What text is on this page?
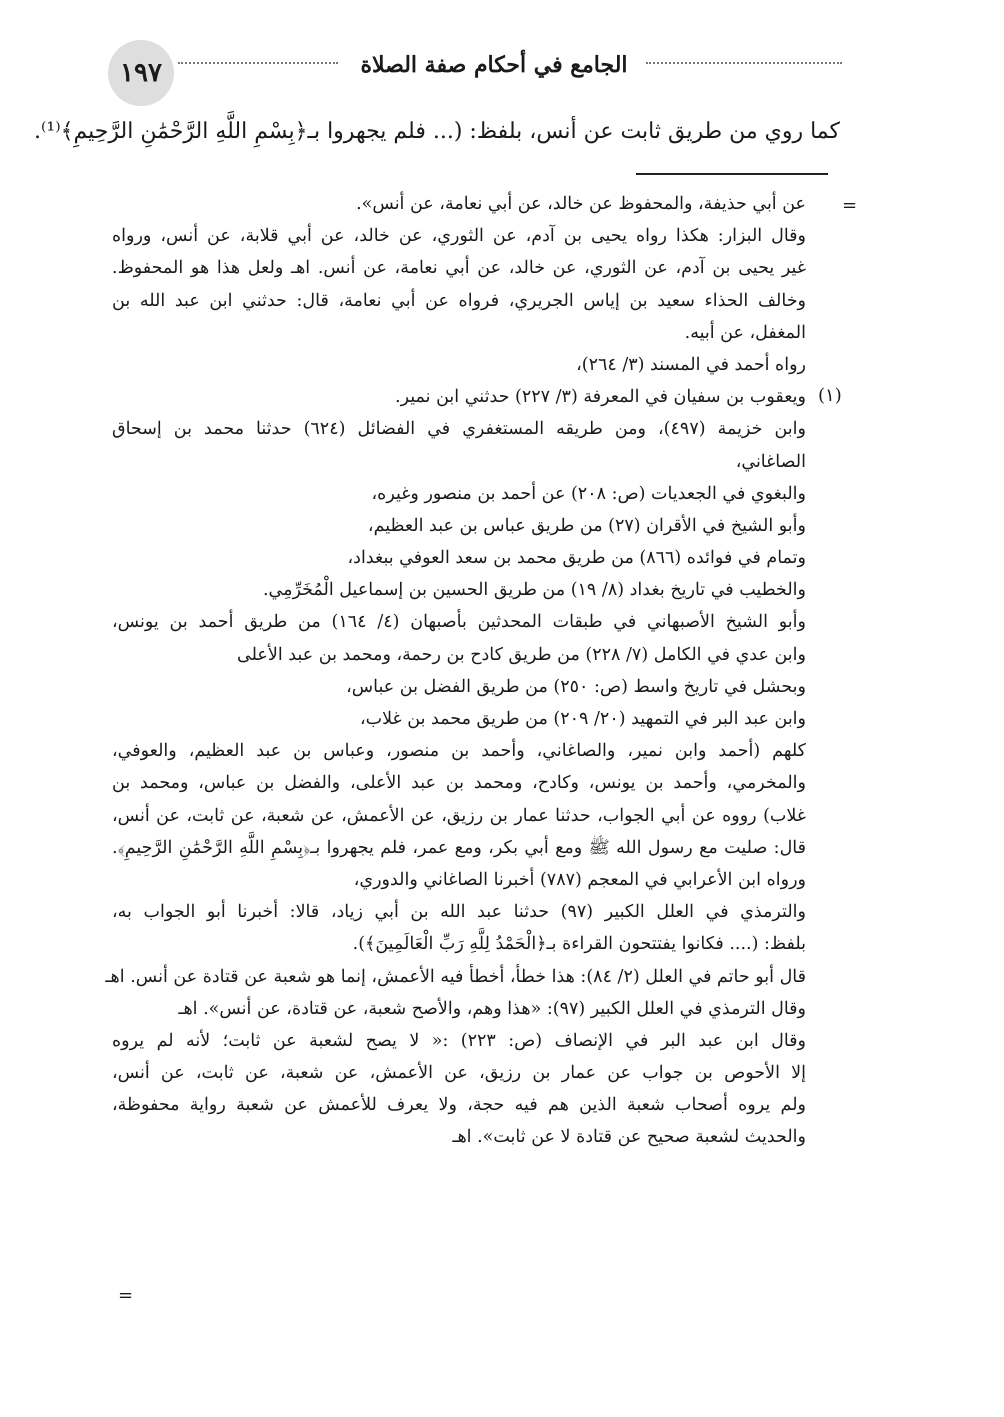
١٩٧	الجامع في أحكام صفة الصلاة
كما روي من طريق ثابت عن أنس، بلفظ: (... فلم يجهروا بـ﴿بِسْمِ اللَّهِ الرَّحْمَٰنِ الرَّحِيمِ﴾⁽¹⁾.
=
(١)
=
عن أبي حذيفة، والمحفوظ عن خالد، عن أبي نعامة، عن أنس».
وقال البزار: هكذا رواه يحيى بن آدم، عن الثوري، عن خالد، عن أبي قلابة، عن أنس، ورواه
غير يحيى بن آدم، عن الثوري، عن خالد، عن أبي نعامة، عن أنس. اهـ ولعل هذا هو المحفوظ.
وخالف الحذاء سعيد بن إياس الجريري، فرواه عن أبي نعامة، قال: حدثني ابن عبد الله بن
المغفل، عن أبيه.
رواه أحمد في المسند (٣/ ٢٦٤)،
ويعقوب بن سفيان في المعرفة (٣/ ٢٢٧) حدثني ابن نمير.
وابن خزيمة (٤٩٧)، ومن طريقه المستغفري في الفضائل (٦٢٤) حدثنا محمد بن إسحاق
الصاغاني،
والبغوي في الجعديات (ص: ٢٠٨) عن أحمد بن منصور وغيره،
وأبو الشيخ في الأقران (٢٧) من طريق عباس بن عبد العظيم،
وتمام في فوائده (٨٦٦) من طريق محمد بن سعد العوفي ببغداد،
والخطيب في تاريخ بغداد (٨/ ١٩) من طريق الحسين بن إسماعيل الْمُخَرِّمِي.
وأبو الشيخ الأصبهاني في طبقات المحدثين بأصبهان (٤/ ١٦٤) من طريق أحمد بن يونس،
وابن عدي في الكامل (٧/ ٢٢٨) من طريق كادح بن رحمة، ومحمد بن عبد الأعلى
وبحشل في تاريخ واسط (ص: ٢٥٠) من طريق الفضل بن عباس،
وابن عبد البر في التمهيد (٢٠/ ٢٠٩) من طريق محمد بن غلاب،
كلهم (أحمد وابن نمير، والصاغاني، وأحمد بن منصور، وعباس بن عبد العظيم، والعوفي،
والمخرمي، وأحمد بن يونس، وكادح، ومحمد بن عبد الأعلى، والفضل بن عباس، ومحمد بن
غلاب) رووه عن أبي الجواب، حدثنا عمار بن رزيق، عن الأعمش، عن شعبة، عن ثابت، عن أنس،
قال: صليت مع رسول الله ﷺ ومع أبي بكر، ومع عمر، فلم يجهروا بـ﴿بِسْمِ اللَّهِ الرَّحْمَٰنِ الرَّحِيمِ﴾.
ورواه ابن الأعرابي في المعجم (٧٨٧) أخبرنا الصاغاني والدوري،
والترمذي في العلل الكبير (٩٧) حدثنا عبد الله بن أبي زياد، قالا: أخبرنا أبو الجواب به،
بلفظ: (.... فكانوا يفتتحون القراءة بـ﴿الْحَمْدُ لِلَّهِ رَبِّ الْعَالَمِينَ﴾).
قال أبو حاتم في العلل (٢/ ٨٤): هذا خطأ، أخطأ فيه الأعمش، إنما هو شعبة عن قتادة عن أنس. اهـ
وقال الترمذي في العلل الكبير (٩٧): «هذا وهم، والأصح شعبة، عن قتادة، عن أنس». اهـ
وقال ابن عبد البر في الإنصاف (ص: ٢٢٣) :« لا يصح لشعبة عن ثابت؛ لأنه لم يروه
إلا الأحوص بن جواب عن عمار بن رزيق، عن الأعمش، عن شعبة، عن ثابت، عن أنس،
ولم يروه أصحاب شعبة الذين هم فيه حجة، ولا يعرف للأعمش عن شعبة رواية محفوظة،
والحديث لشعبة صحيح عن قتادة لا عن ثابت». اهـ
